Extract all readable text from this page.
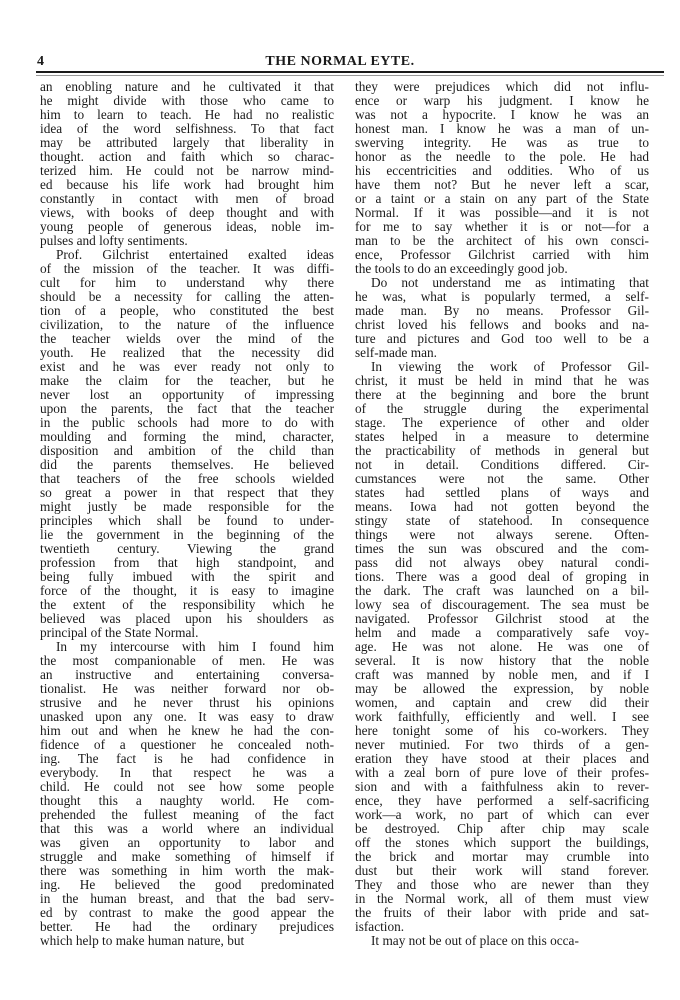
4	THE NORMAL EYTE.
an enobling nature and he cultivated it that
he might divide with those who came to
him to learn to teach. He had no realistic
idea of the word selfishness. To that fact
may be attributed largely that liberality in
thought. action and faith which so charac-
terized him. He could not be narrow mind-
ed because his life work had brought him
constantly in contact with men of broad
views, with books of deep thought and with
young people of generous ideas, noble im-
pulses and lofty sentiments.
Prof. Gilchrist entertained exalted ideas
of the mission of the teacher. It was diffi-
cult for him to understand why there
should be a necessity for calling the atten-
tion of a people, who constituted the best
civilization, to the nature of the influence
the teacher wields over the mind of the
youth. He realized that the necessity did
exist and he was ever ready not only to
make the claim for the teacher, but he
never lost an opportunity of impressing
upon the parents, the fact that the teacher
in the public schools had more to do with
moulding and forming the mind, character,
disposition and ambition of the child than
did the parents themselves. He believed
that teachers of the free schools wielded
so great a power in that respect that they
might justly be made responsible for the
principles which shall be found to under-
lie the government in the beginning of the
twentieth century. Viewing the grand
profession from that high standpoint, and
being fully imbued with the spirit and
force of the thought, it is easy to imagine
the extent of the responsibility which he
believed was placed upon his shoulders as
principal of the State Normal.
In my intercourse with him I found him
the most companionable of men. He was
an instructive and entertaining conversa-
tionalist. He was neither forward nor ob-
strusive and he never thrust his opinions
unasked upon any one. It was easy to draw
him out and when he knew he had the con-
fidence of a questioner he concealed noth-
ing. The fact is he had confidence in
everybody. In that respect he was a
child. He could not see how some people
thought this a naughty world. He com-
prehended the fullest meaning of the fact
that this was a world where an individual
was given an opportunity to labor and
struggle and make something of himself if
there was something in him worth the mak-
ing. He believed the good predominated
in the human breast, and that the bad serv-
ed by contrast to make the good appear the
better. He had the ordinary prejudices
which help to make human nature, but
they were prejudices which did not influ-
ence or warp his judgment. I know he
was not a hypocrite. I know he was an
honest man. I know he was a man of un-
swerving integrity. He was as true to
honor as the needle to the pole. He had
his eccentricities and oddities. Who of us
have them not? But he never left a scar,
or a taint or a stain on any part of the State
Normal. If it was possible—and it is not
for me to say whether it is or not—for a
man to be the architect of his own consci-
ence, Professor Gilchrist carried with him
the tools to do an exceedingly good job.
Do not understand me as intimating that
he was, what is popularly termed, a self-
made man. By no means. Professor Gil-
christ loved his fellows and books and na-
ture and pictures and God too well to be a
self-made man.
In viewing the work of Professor Gil-
christ, it must be held in mind that he was
there at the beginning and bore the brunt
of the struggle during the experimental
stage. The experience of other and older
states helped in a measure to determine
the practicability of methods in general but
not in detail. Conditions differed. Cir-
cumstances were not the same. Other
states had settled plans of ways and
means. Iowa had not gotten beyond the
stingy state of statehood. In consequence
things were not always serene. Often-
times the sun was obscured and the com-
pass did not always obey natural condi-
tions. There was a good deal of groping in
the dark. The craft was launched on a bil-
lowy sea of discouragement. The sea must be
navigated. Professor Gilchrist stood at the
helm and made a comparatively safe voy-
age. He was not alone. He was one of
several. It is now history that the noble
craft was manned by noble men, and if I
may be allowed the expression, by noble
women, and captain and crew did their
work faithfully, efficiently and well. I see
here tonight some of his co-workers. They
never mutinied. For two thirds of a gen-
eration they have stood at their places and
with a zeal born of pure love of their profes-
sion and with a faithfulness akin to rever-
ence, they have performed a self-sacrificing
work—a work, no part of which can ever
be destroyed. Chip after chip may scale
off the stones which support the buildings,
the brick and mortar may crumble into
dust but their work will stand forever.
They and those who are newer than they
in the Normal work, all of them must view
the fruits of their labor with pride and sat-
isfaction.
It may not be out of place on this occa-
